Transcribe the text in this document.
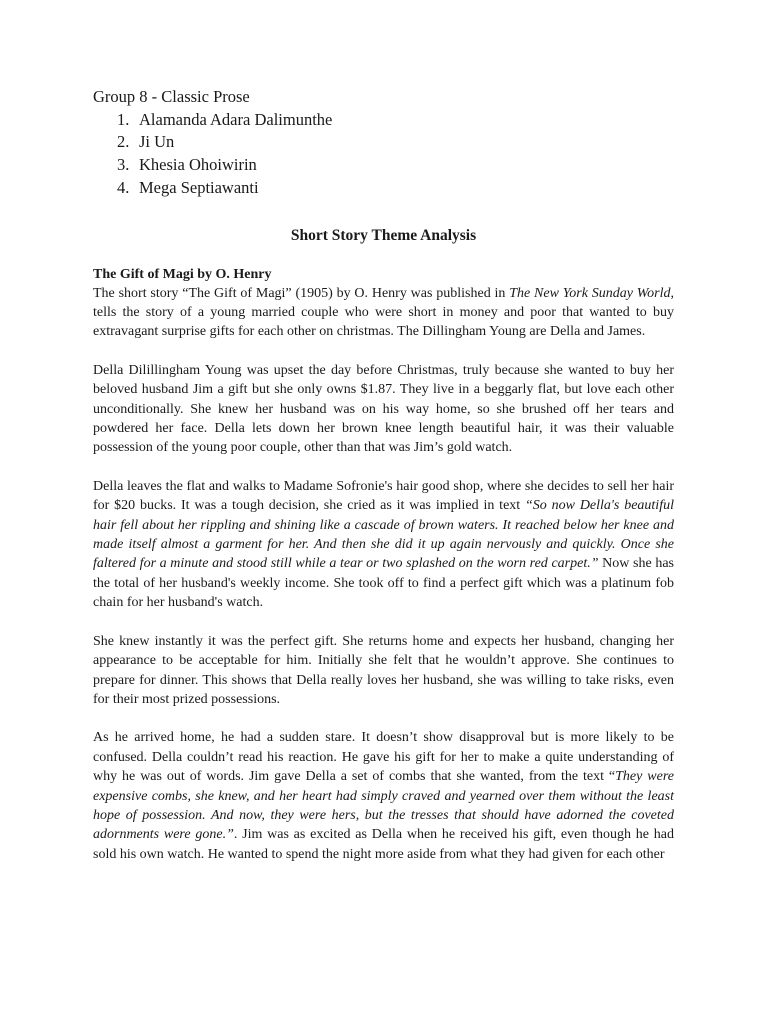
Group 8 - Classic Prose
1. Alamanda Adara Dalimunthe
2. Ji Un
3. Khesia Ohoiwirin
4. Mega Septiawanti
Short Story Theme Analysis
The Gift of Magi by O. Henry

The short story “The Gift of Magi” (1905) by O. Henry was published in The New York Sunday World, tells the story of a young married couple who were short in money and poor that wanted to buy extravagant surprise gifts for each other on christmas. The Dillingham Young are Della and James.

Della Dilillingham Young was upset the day before Christmas, truly because she wanted to buy her beloved husband Jim a gift but she only owns $1.87. They live in a beggarly flat, but love each other unconditionally. She knew her husband was on his way home, so she brushed off her tears and powdered her face. Della lets down her brown knee length beautiful hair, it was their valuable possession of the young poor couple, other than that was Jim’s gold watch.

Della leaves the flat and walks to Madame Sofronie's hair good shop, where she decides to sell her hair for $20 bucks. It was a tough decision, she cried as it was implied in text “So now Della's beautiful hair fell about her rippling and shining like a cascade of brown waters. It reached below her knee and made itself almost a garment for her. And then she did it up again nervously and quickly. Once she faltered for a minute and stood still while a tear or two splashed on the worn red carpet.” Now she has the total of her husband's weekly income. She took off to find a perfect gift which was a platinum fob chain for her husband's watch.

She knew instantly it was the perfect gift. She returns home and expects her husband, changing her appearance to be acceptable for him. Initially she felt that he wouldn’t approve. She continues to prepare for dinner. This shows that Della really loves her husband, she was willing to take risks, even for their most prized possessions.

As he arrived home, he had a sudden stare. It doesn’t show disapproval but is more likely to be confused. Della couldn’t read his reaction. He gave his gift for her to make a quite understanding of why he was out of words. Jim gave Della a set of combs that she wanted, from the text “They were expensive combs, she knew, and her heart had simply craved and yearned over them without the least hope of possession. And now, they were hers, but the tresses that should have adorned the coveted adornments were gone.”. Jim was as excited as Della when he received his gift, even though he had sold his own watch. He wanted to spend the night more aside from what they had given for each other
